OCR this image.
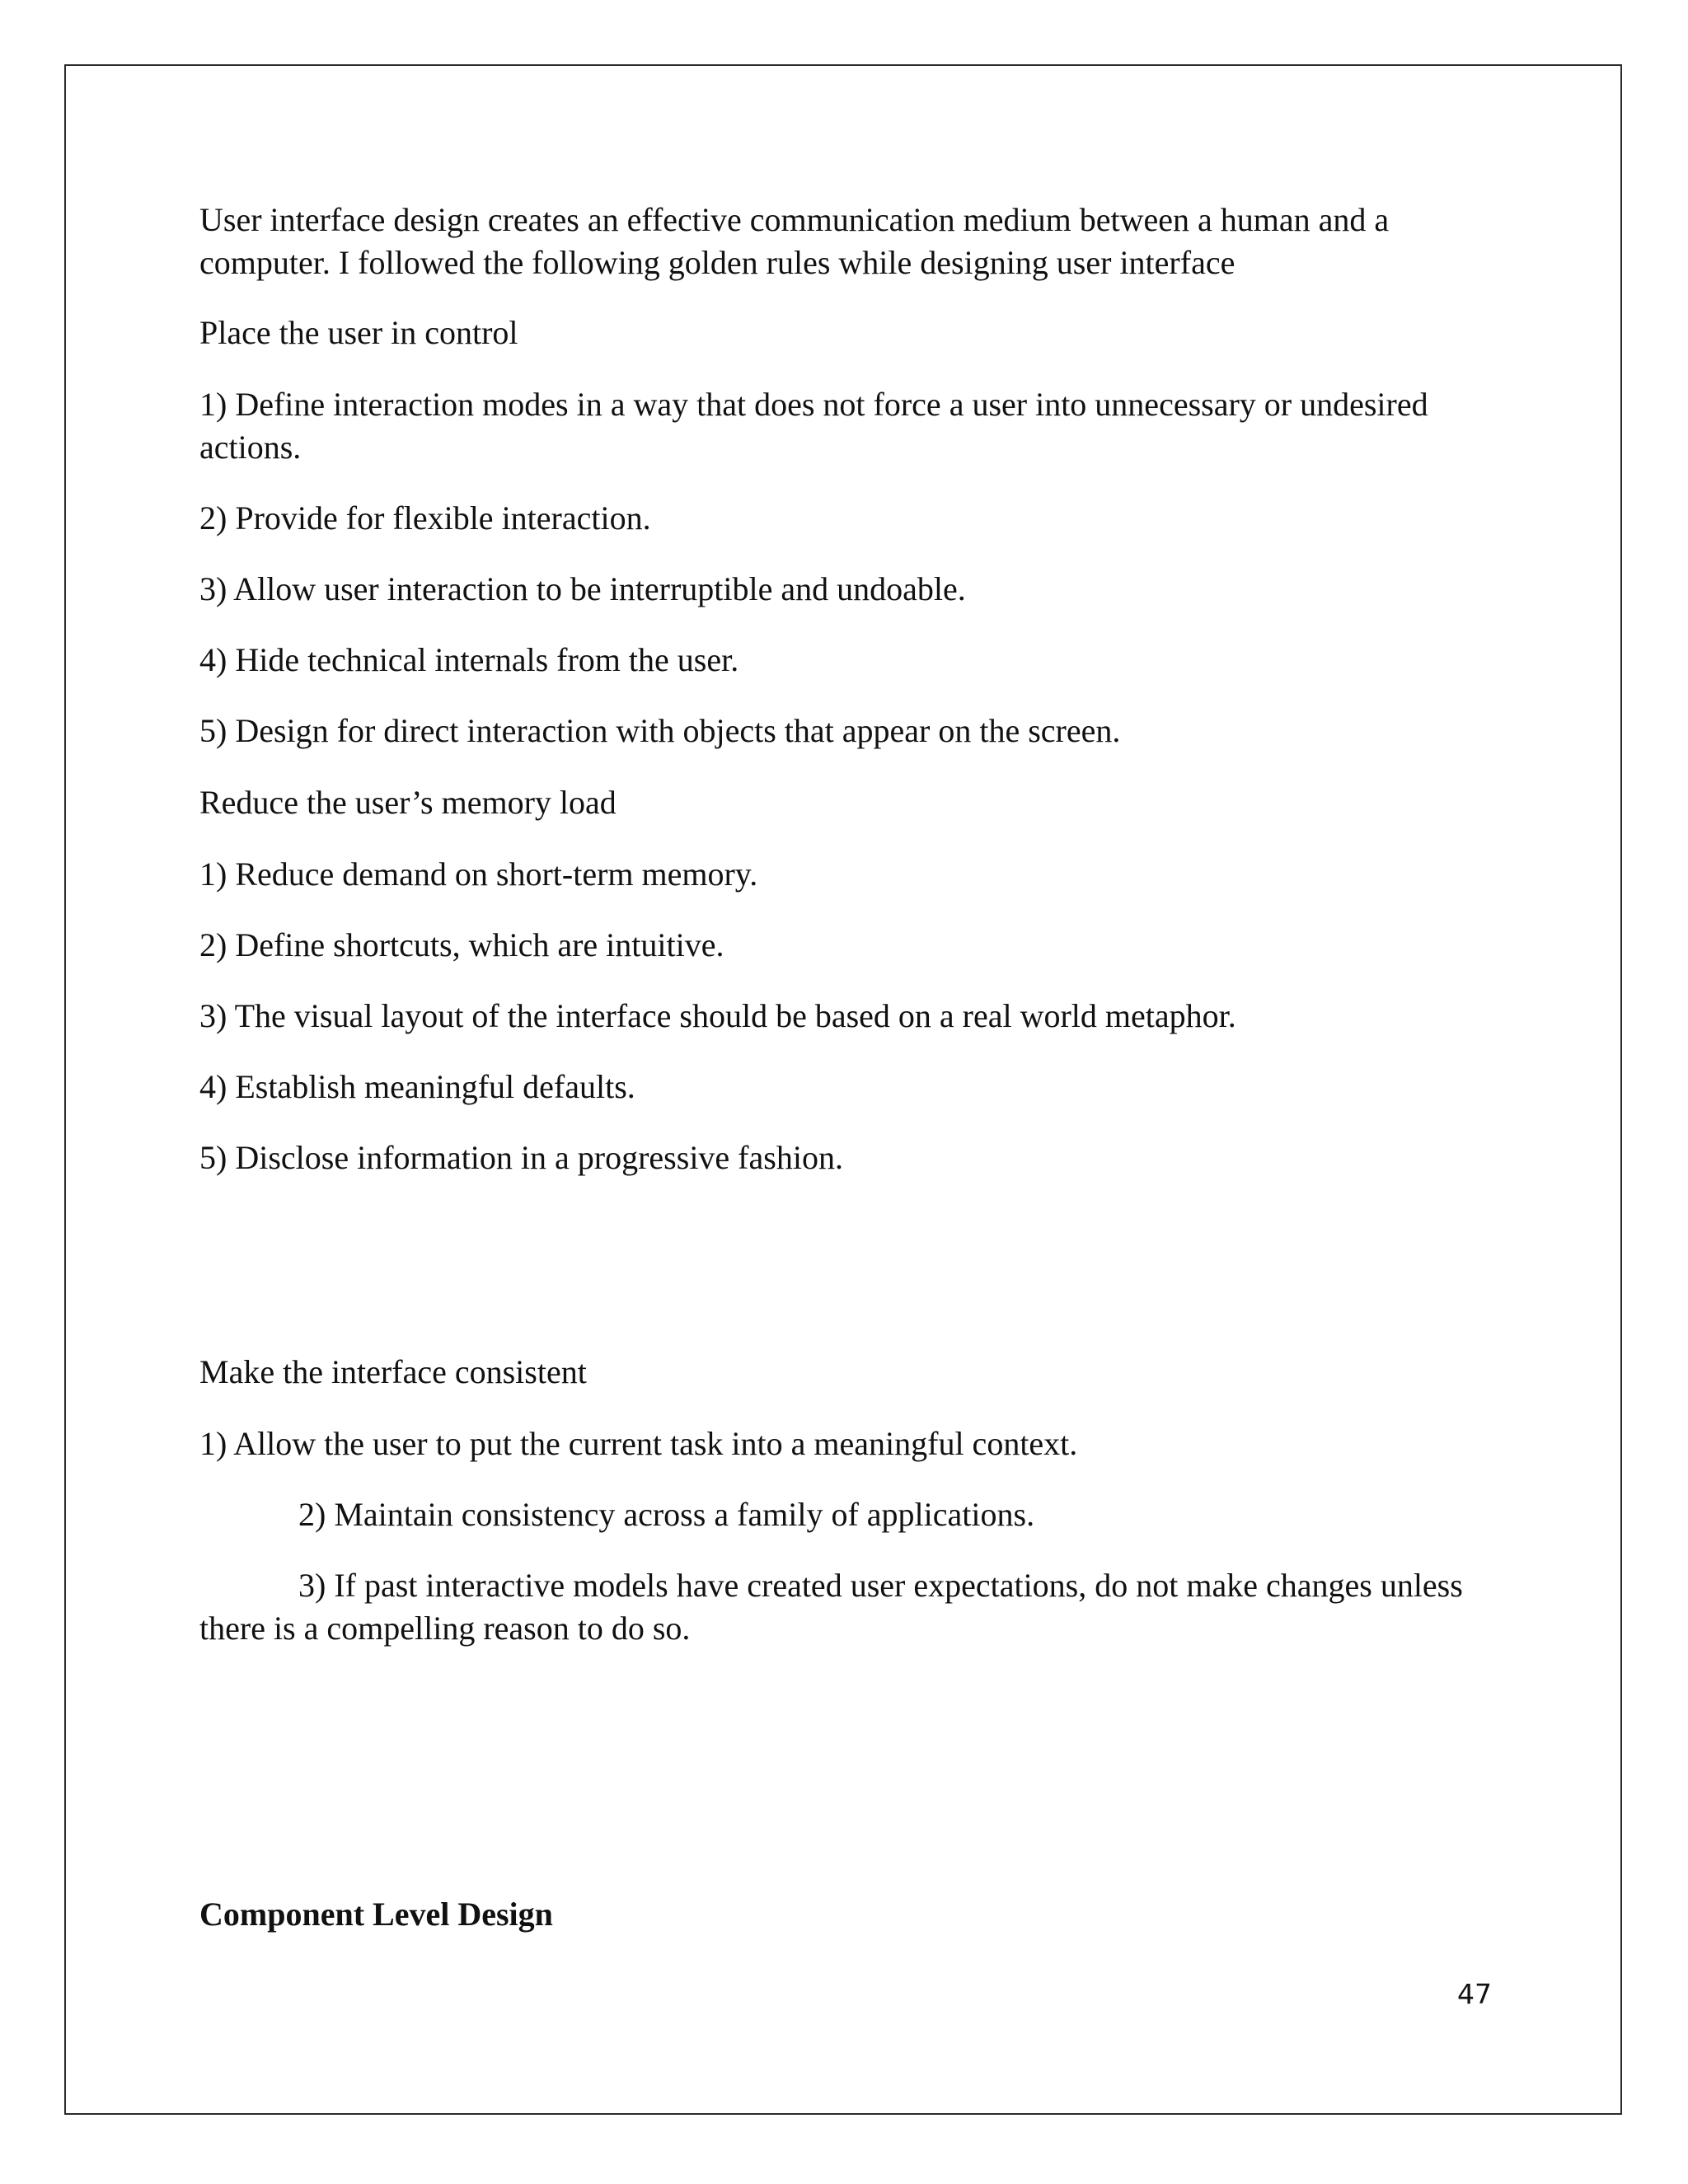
User interface design creates an effective communication medium between a human and a
computer. I followed the following golden rules while designing user interface
Place the user in control
1) Define interaction modes in a way that does not force a user into unnecessary or undesired
actions.
2) Provide for flexible interaction.
3) Allow user interaction to be interruptible and undoable.
4) Hide technical internals from the user.
5) Design for direct interaction with objects that appear on the screen.
Reduce the user’s memory load
1) Reduce demand on short-term memory.
2) Define shortcuts, which are intuitive.
3) The visual layout of the interface should be based on a real world metaphor.
4) Establish meaningful defaults.
5) Disclose information in a progressive fashion.
Make the interface consistent
1) Allow the user to put the current task into a meaningful context.
2) Maintain consistency across a family of applications.
3) If past interactive models have created user expectations, do not make changes unless
there is a compelling reason to do so.
Component Level Design
47
